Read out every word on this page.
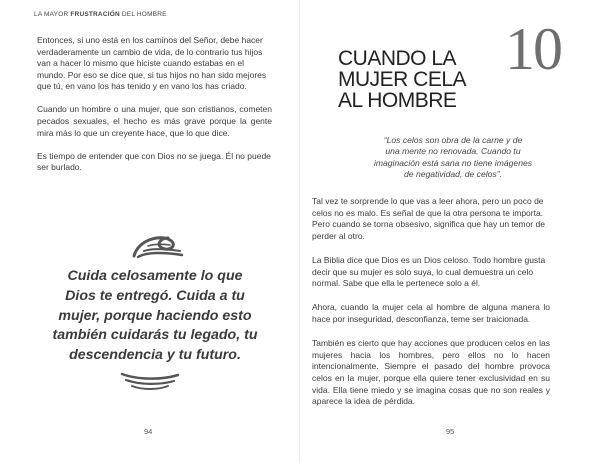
LA MAYOR FRUSTRACIÓN DEL HOMBRE

Entonces, si uno está en los caminos del Señor, debe hacer verdaderamente un cambio de vida, de lo contrario tus hijos van a hacer lo mismo que hiciste cuando estabas en el mundo. Por eso se dice que, si tus hijos no han sido mejores que tú, en vano los has tenido y en vano los has criado.

Cuando un hombre o una mujer, que son cristianos, cometen pecados sexuales, el hecho es más grave porque la gente mira más lo que un creyente hace, que lo que dice.

Es tiempo de entender que con Dios no se juega. Él no puede ser burlado.

Cuida celosamente lo que
Dios te entregó. Cuida a tu
mujer, porque haciendo esto
también cuidarás tu legado, tu
descendencia y tu futuro.
94
10
CUANDO LA
MUJER CELA
AL HOMBRE
“Los celos son obra de la carne y de
una mente no renovada. Cuando tu
imaginación está sana no tiene imágenes
de negatividad, de celos”.

Tal vez te sorprende lo que vas a leer ahora, pero un poco de celos no es malo. Es señal de que la otra persona te importa. Pero cuando se torna obsesivo, significa que hay un temor de perder al otro.

La Biblia dice que Dios es un Dios celoso. Todo hombre gusta decir que su mujer es solo suya, lo cual demuestra un celo normal. Sabe que ella le pertenece solo a él.

Ahora, cuando la mujer cela al hombre de alguna manera lo hace por inseguridad, desconfianza, teme ser traicionada.

También es cierto que hay acciones que producen celos en las mujeres hacia los hombres, pero ellos no lo hacen intencionalmente. Siempre el pasado del hombre provoca celos en la mujer, porque ella quiere tener exclusividad en su vida. Ella tiene miedo y se imagina cosas que no son reales y aparece la idea de pérdida.

95
